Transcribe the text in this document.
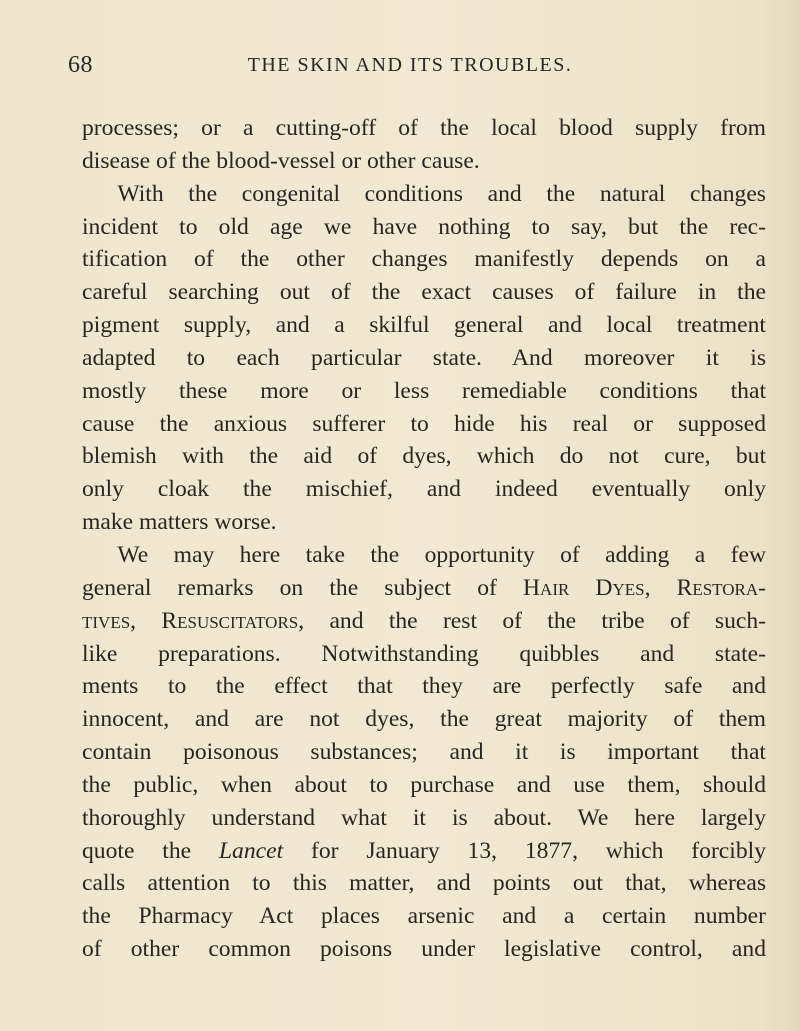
68	THE SKIN AND ITS TROUBLES.
processes; or a cutting-off of the local blood supply from
disease of the blood-vessel or other cause.
With the congenital conditions and the natural changes
incident to old age we have nothing to say, but the rec-
tification of the other changes manifestly depends on a
careful searching out of the exact causes of failure in the
pigment supply, and a skilful general and local treatment
adapted to each particular state. And moreover it is
mostly these more or less remediable conditions that
cause the anxious sufferer to hide his real or supposed
blemish with the aid of dyes, which do not cure, but
only cloak the mischief, and indeed eventually only
make matters worse.
We may here take the opportunity of adding a few
general remarks on the subject of Hair Dyes, Restora-
tives, Resuscitators, and the rest of the tribe of such-
like preparations. Notwithstanding quibbles and state-
ments to the effect that they are perfectly safe and
innocent, and are not dyes, the great majority of them
contain poisonous substances; and it is important that
the public, when about to purchase and use them, should
thoroughly understand what it is about. We here largely
quote the Lancet for January 13, 1877, which forcibly
calls attention to this matter, and points out that, whereas
the Pharmacy Act places arsenic and a certain number
of other common poisons under legislative control, and
